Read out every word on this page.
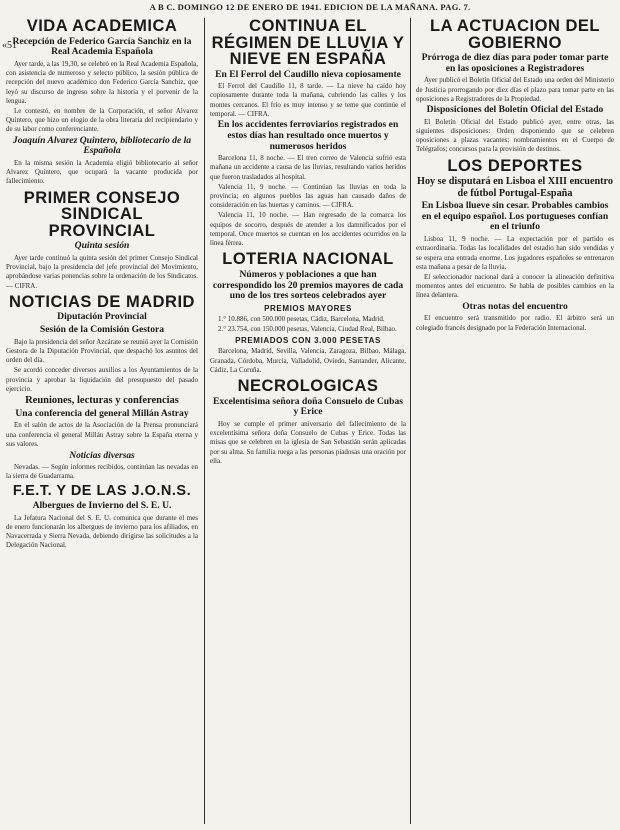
A B C. DOMINGO 12 DE ENERO DE 1941. EDICION DE LA MAÑANA. PAG. 7.
«51
VIDA ACADEMICA
Recepción de Federico García Sanchiz en la Real Academia Española

Ayer tarde, a las 19,30, se celebró en la Real Academia Española, con asistencia de numeroso y selecto público, la sesión pública de recepción del nuevo académico don Federico García Sanchiz, que leyó su discurso de ingreso sobre la historia y el porvenir de la lengua.

Le contestó, en nombre de la Corporación, el señor Alvarez Quintero, que hizo un elogio de la obra literaria del recipiendario y de su labor como conferenciante.

Joaquín Alvarez Quintero, bibliotecario de la Española

En la misma sesión la Academia eligió bibliotecario al señor Alvarez Quintero, que ocupará la vacante producida por fallecimiento.

PRIMER CONSEJO SINDICAL PROVINCIAL
Quinta sesión

Ayer tarde continuó la quinta sesión del primer Consejo Sindical Provincial, bajo la presidencia del jefe provincial del Movimiento, aprobándose varias ponencias sobre la ordenación de los Sindicatos. — CIFRA.

NOTICIAS DE MADRID
Diputación Provincial
Sesión de la Comisión Gestora

Bajo la presidencia del señor Azcárate se reunió ayer la Comisión Gestora de la Diputación Provincial, que despachó los asuntos del orden del día.

Se acordó conceder diversos auxilios a los Ayuntamientos de la provincia y aprobar la liquidación del presupuesto del pasado ejercicio.

Reuniones, lecturas y conferencias
Una conferencia del general Millán Astray

En el salón de actos de la Asociación de la Prensa pronunciará una conferencia el general Millán Astray sobre la España eterna y sus valores.

Noticias diversas

Nevadas. — Según informes recibidos, continúan las nevadas en la sierra de Guadarrama.

F.E.T. Y DE LAS J.O.N.S.
Albergues de Invierno del S. E. U.

La Jefatura Nacional del S. E. U. comunica que durante el mes de enero funcionarán los albergues de invierno para los afiliados, en Navacerrada y Sierra Nevada, debiendo dirigirse las solicitudes a la Delegación Nacional.

CONTINUA EL RÉGIMEN DE LLUVIA Y NIEVE EN ESPAÑA
En El Ferrol del Caudillo nieva copiosamente

El Ferrol del Caudillo 11, 8 tarde. — La nieve ha caído hoy copiosamente durante toda la mañana, cubriendo las calles y los montes cercanos. El frío es muy intenso y se teme que continúe el temporal. — CIFRA.

En los accidentes ferroviarios registrados en estos días han resultado once muertos y numerosos heridos

Barcelona 11, 8 noche. — El tren correo de Valencia sufrió esta mañana un accidente a causa de las lluvias, resultando varios heridos que fueron trasladados al hospital.

Valencia 11, 9 noche. — Continúan las lluvias en toda la provincia; en algunos pueblos las aguas han causado daños de consideración en las huertas y caminos. — CIFRA.

Valencia 11, 10 noche. — Han regresado de la comarca los equipos de socorro, después de atender a los damnificados por el temporal. Once muertos se cuentan en los accidentes ocurridos en la línea férrea.

LOTERIA NACIONAL
Números y poblaciones a que han correspondido los 20 premios mayores de cada uno de los tres sorteos celebrados ayer
PREMIOS MAYORES

1.° 10.886, con 500.000 pesetas, Cádiz, Barcelona, Madrid.

2.° 23.754, con 150.000 pesetas, Valencia, Ciudad Real, Bilbao.

PREMIADOS CON 3.000 PESETAS

Barcelona, Madrid, Sevilla, Valencia, Zaragoza, Bilbao, Málaga, Granada, Córdoba, Murcia, Valladolid, Oviedo, Santander, Alicante, Cádiz, La Coruña.

NECROLOGICAS
Excelentísima señora doña Consuelo de Cubas y Erice

Hoy se cumple el primer aniversario del fallecimiento de la excelentísima señora doña Consuelo de Cubas y Erice. Todas las misas que se celebren en la iglesia de San Sebastián serán aplicadas por su alma. Su familia ruega a las personas piadosas una oración por ella.

LA ACTUACION DEL GOBIERNO
Prórroga de diez días para poder tomar parte en las oposiciones a Registradores

Ayer publicó el Boletín Oficial del Estado una orden del Ministerio de Justicia prorrogando por diez días el plazo para tomar parte en las oposiciones a Registradores de la Propiedad.

Disposiciones del Boletín Oficial del Estado

El Boletín Oficial del Estado publicó ayer, entre otras, las siguientes disposiciones: Orden disponiendo que se celebren oposiciones a plazas vacantes; nombramientos en el Cuerpo de Telégrafos; concursos para la provisión de destinos.

LOS DEPORTES
Hoy se disputará en Lisboa el XIII encuentro de fútbol Portugal-España
En Lisboa llueve sin cesar. Probables cambios en el equipo español. Los portugueses confían en el triunfo

Lisboa 11, 9 noche. — La expectación por el partido es extraordinaria. Todas las localidades del estadio han sido vendidas y se espera una entrada enorme. Los jugadores españoles se entrenaron esta mañana a pesar de la lluvia.

El seleccionador nacional dará a conocer la alineación definitiva momentos antes del encuentro. Se habla de posibles cambios en la línea delantera.

Otras notas del encuentro

El encuentro será transmitido por radio. El árbitro será un colegiado francés designado por la Federación Internacional.
